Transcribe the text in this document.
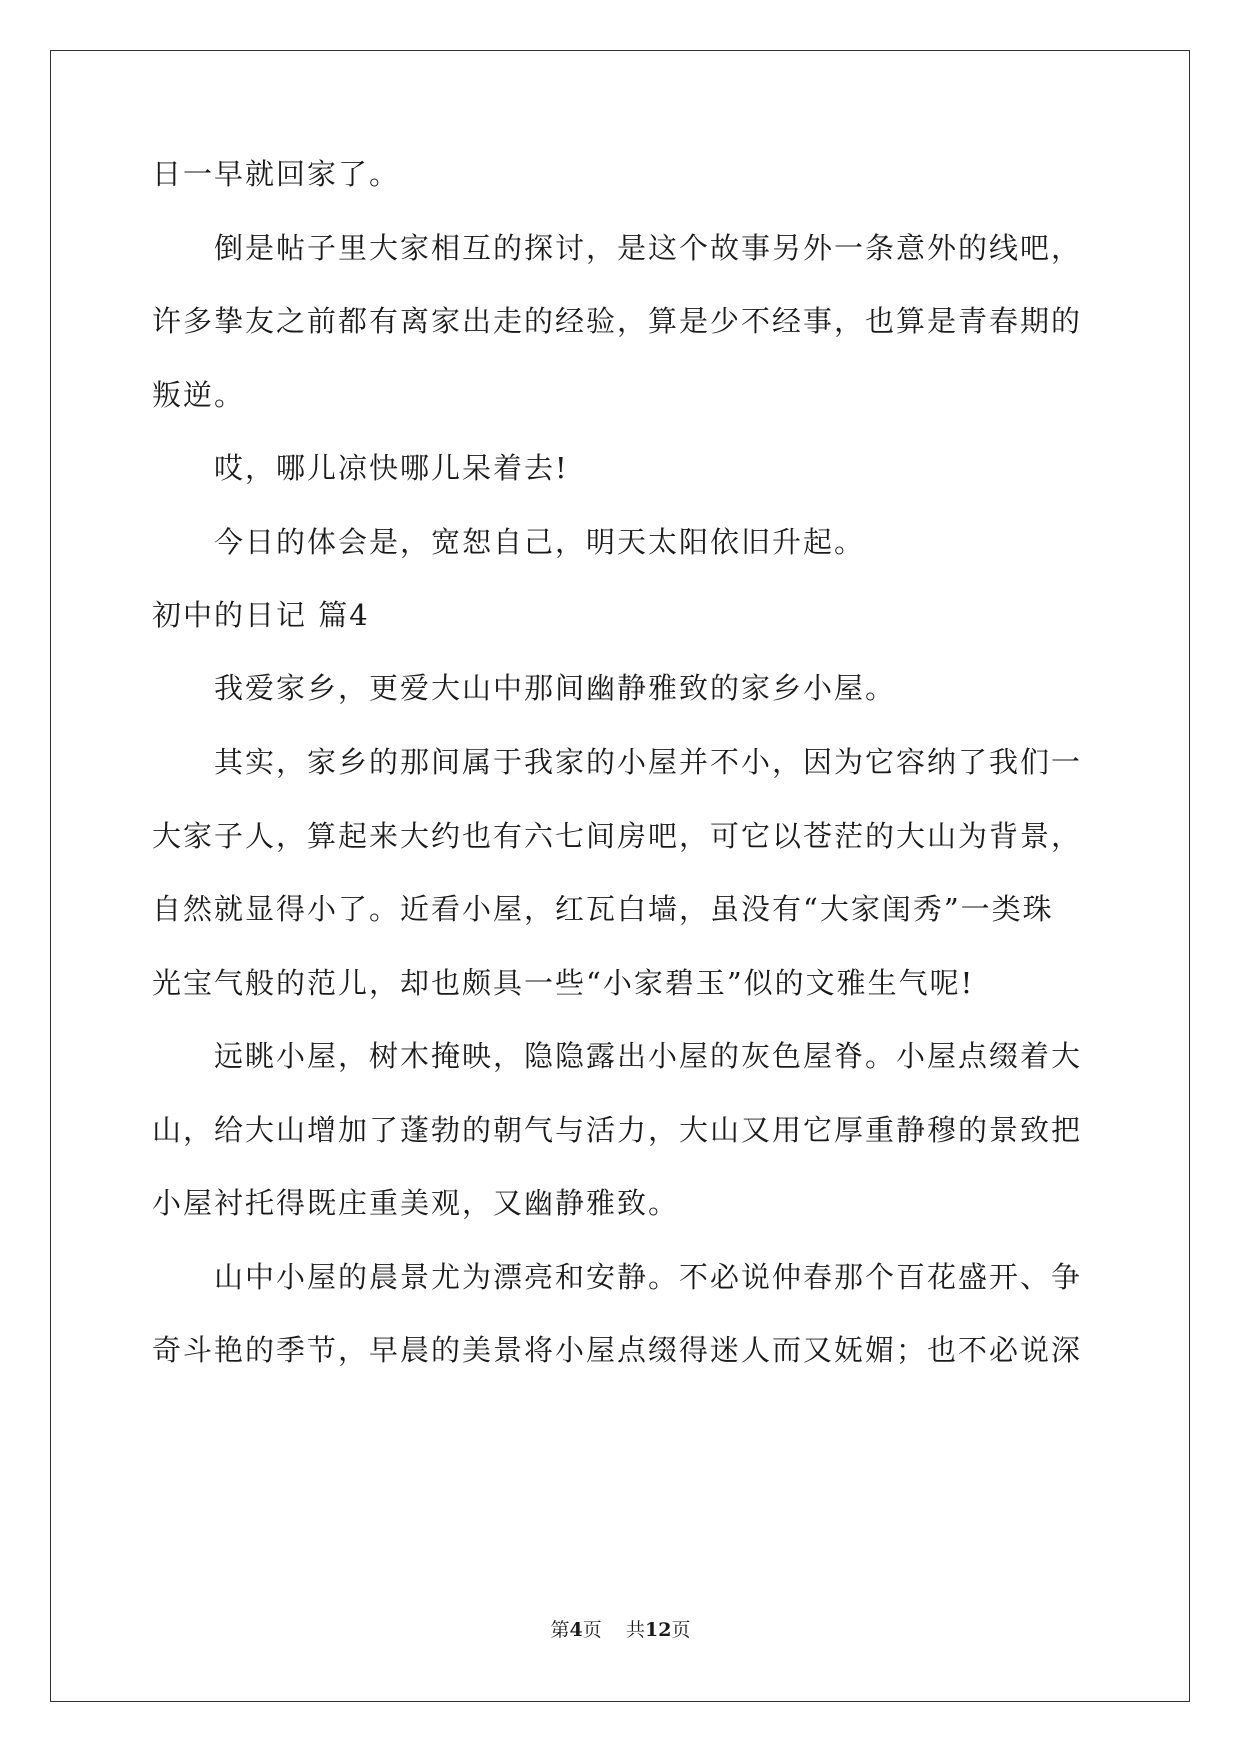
日一早就回家了。
倒是帖子里大家相互的探讨，是这个故事另外一条意外的线吧，
许多挚友之前都有离家出走的经验，算是少不经事，也算是青春期的
叛逆。
哎，哪儿凉快哪儿呆着去!
今日的体会是，宽恕自己，明天太阳依旧升起。
初中的日记 篇4
我爱家乡，更爱大山中那间幽静雅致的家乡小屋。
其实，家乡的那间属于我家的小屋并不小，因为它容纳了我们一
大家子人，算起来大约也有六七间房吧，可它以苍茫的大山为背景，
自然就显得小了。近看小屋，红瓦白墙，虽没有“大家闺秀”一类珠
光宝气般的范儿，却也颇具一些“小家碧玉”似的文雅生气呢!
远眺小屋，树木掩映，隐隐露出小屋的灰色屋脊。小屋点缀着大
山，给大山增加了蓬勃的朝气与活力，大山又用它厚重静穆的景致把
小屋衬托得既庄重美观，又幽静雅致。
山中小屋的晨景尤为漂亮和安静。不必说仲春那个百花盛开、争
奇斗艳的季节，早晨的美景将小屋点缀得迷人而又妩媚；也不必说深
第4页 共12页
